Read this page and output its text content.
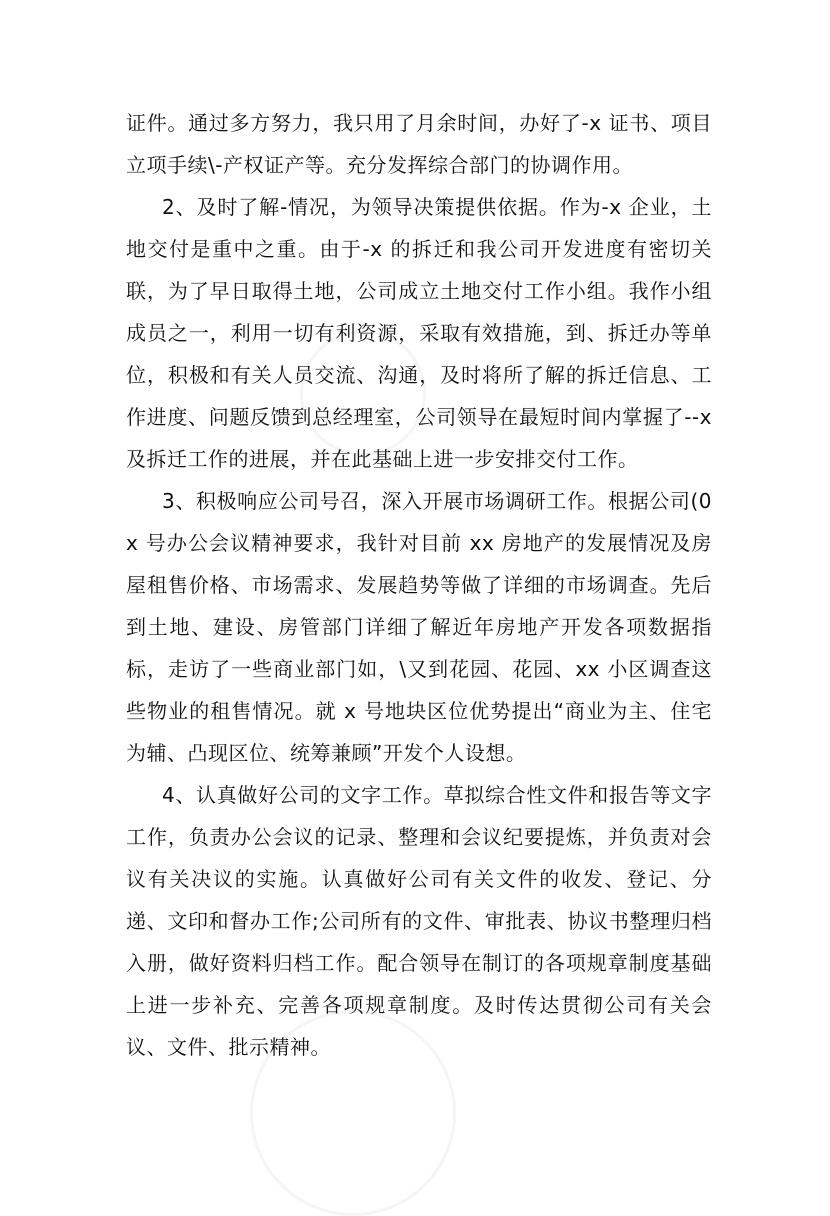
证件。通过多方努力，我只用了月余时间，办好了-x 证书、项目立项手续\-产权证产等。充分发挥综合部门的协调作用。

2、及时了解-情况，为领导决策提供依据。作为-x 企业，土地交付是重中之重。由于-x 的拆迁和我公司开发进度有密切关联，为了早日取得土地，公司成立土地交付工作小组。我作小组成员之一，利用一切有利资源，采取有效措施，到、拆迁办等单位，积极和有关人员交流、沟通，及时将所了解的拆迁信息、工作进度、问题反馈到总经理室，公司领导在最短时间内掌握了--x 及拆迁工作的进展，并在此基础上进一步安排交付工作。

3、积极响应公司号召，深入开展市场调研工作。根据公司(0x 号办公会议精神要求，我针对目前 xx 房地产的发展情况及房屋租售价格、市场需求、发展趋势等做了详细的市场调查。先后到土地、建设、房管部门详细了解近年房地产开发各项数据指标，走访了一些商业部门如，\又到花园、花园、xx 小区调查这些物业的租售情况。就 x 号地块区位优势提出“商业为主、住宅为辅、凸现区位、统筹兼顾”开发个人设想。

4、认真做好公司的文字工作。草拟综合性文件和报告等文字工作，负责办公会议的记录、整理和会议纪要提炼，并负责对会议有关决议的实施。认真做好公司有关文件的收发、登记、分递、文印和督办工作;公司所有的文件、审批表、协议书整理归档入册，做好资料归档工作。配合领导在制订的各项规章制度基础上进一步补充、完善各项规章制度。及时传达贯彻公司有关会议、文件、批示精神。
